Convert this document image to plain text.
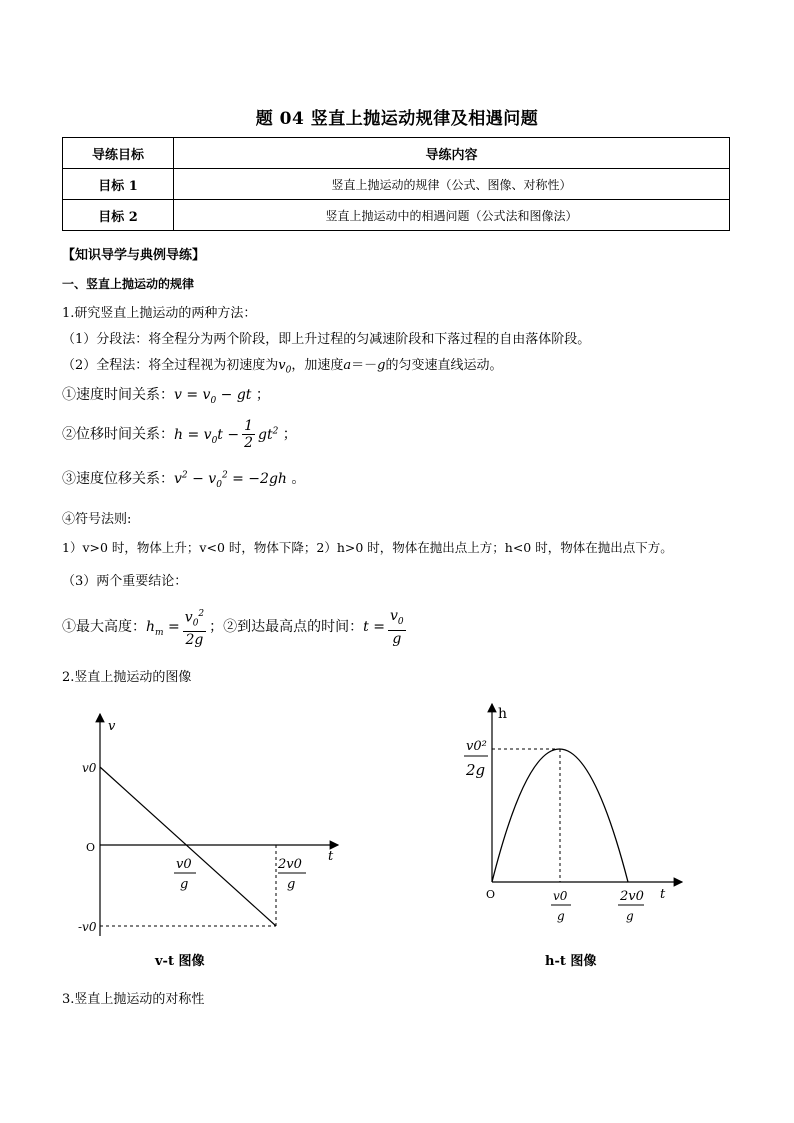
题 04 竖直上抛运动规律及相遇问题
导练目标	导练内容
目标 1	竖直上抛运动的规律（公式、图像、对称性）
目标 2	竖直上抛运动中的相遇问题（公式法和图像法）
【知识导学与典例导练】
一、竖直上抛运动的规律
1.研究竖直上抛运动的两种方法：
（1）分段法：将全程分为两个阶段，即上升过程的匀减速阶段和下落过程的自由落体阶段。
（2）全程法：将全过程视为初速度为$v_0$，加速度a＝－g的匀变速直线运动。
①速度时间关系：$v = v_0$ − gt ；
②位移时间关系：$h = v_0t - \frac{1}{2} gt^2$ ；
③速度位移关系：$v^2 - v_0^2 = -2gh$ 。
④符号法则:
1）v>0 时，物体上升；v<0 时，物体下降；2）h>0 时，物体在抛出点上方；h<0 时，物体在抛出点下方。
（3）两个重要结论：
①最大高度：$h_m = \frac{v_0^2}{2g}$ ；②到达最高点的时间：$t = \frac{v_0}{g}$
2.竖直上抛运动的图像
v
t
O
v0
-v0
v0
g
2v0
g
v-t 图像
h
t
O
v0²
2g
v0
g
2v0
g
h-t 图像
3.竖直上抛运动的对称性
